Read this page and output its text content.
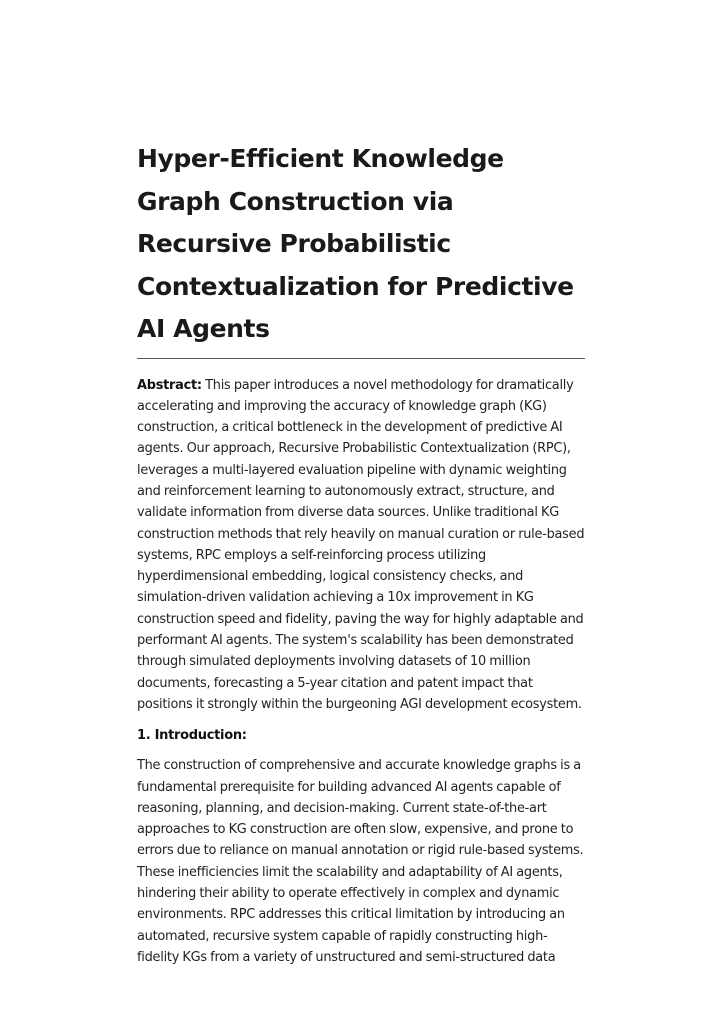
Hyper-Efficient Knowledge Graph Construction via Recursive Probabilistic Contextualization for Predictive AI Agents

Abstract: This paper introduces a novel methodology for dramatically accelerating and improving the accuracy of knowledge graph (KG) construction, a critical bottleneck in the development of predictive AI agents. Our approach, Recursive Probabilistic Contextualization (RPC), leverages a multi-layered evaluation pipeline with dynamic weighting and reinforcement learning to autonomously extract, structure, and validate information from diverse data sources. Unlike traditional KG construction methods that rely heavily on manual curation or rule-based systems, RPC employs a self-reinforcing process utilizing hyperdimensional embedding, logical consistency checks, and simulation-driven validation achieving a 10x improvement in KG construction speed and fidelity, paving the way for highly adaptable and performant AI agents. The system's scalability has been demonstrated through simulated deployments involving datasets of 10 million documents, forecasting a 5-year citation and patent impact that positions it strongly within the burgeoning AGI development ecosystem.

1. Introduction:

The construction of comprehensive and accurate knowledge graphs is a fundamental prerequisite for building advanced AI agents capable of reasoning, planning, and decision-making. Current state-of-the-art approaches to KG construction are often slow, expensive, and prone to errors due to reliance on manual annotation or rigid rule-based systems. These inefficiencies limit the scalability and adaptability of AI agents, hindering their ability to operate effectively in complex and dynamic environments. RPC addresses this critical limitation by introducing an automated, recursive system capable of rapidly constructing high-fidelity KGs from a variety of unstructured and semi-structured data
